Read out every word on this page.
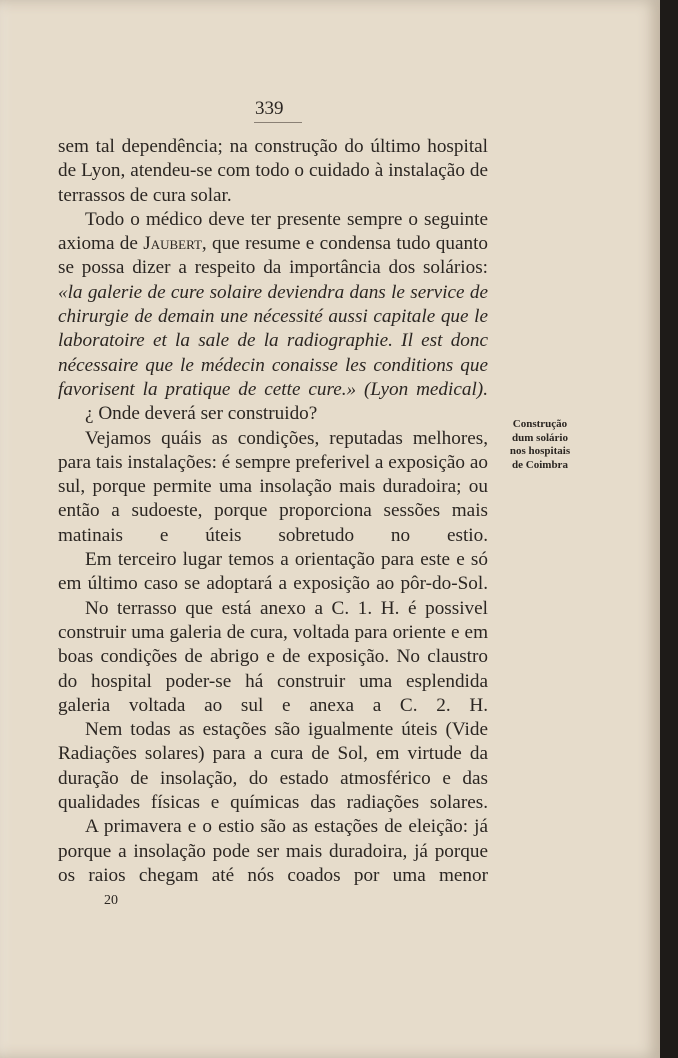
339

sem tal dependência; na construção do último hospital de Lyon, atendeu-se com todo o cuidado à instalação de terrassos de cura solar.

Todo o médico deve ter presente sempre o seguinte axioma de Jaubert, que resume e condensa tudo quanto se possa dizer a respeito da importância dos solários: «la galerie de cure solaire deviendra dans le service de chirurgie de demain une nécessité aussi capitale que le laboratoire et la sale de la radiographie. Il est donc nécessaire que le médecin conaisse les conditions que favorisent la pratique de cette cure.» (Lyon medical).

¿ Onde deverá ser construido?

Vejamos quáis as condições, reputadas melhores, para tais instalações: é sempre preferivel a exposição ao sul, porque permite uma insolação mais duradoira; ou então a sudoeste, porque proporciona sessões mais matinais e úteis sobretudo no estio.

Em terceiro lugar temos a orientação para este e só em último caso se adoptará a exposição ao pôr-do-Sol.

No terrasso que está anexo a C. 1. H. é possivel construir uma galeria de cura, voltada para oriente e em boas condições de abrigo e de exposição. No claustro do hospital poder-se há construir uma esplendida galeria voltada ao sul e anexa a C. 2. H.

Nem todas as estações são igualmente úteis (Vide Radiações solares) para a cura de Sol, em virtude da duração de insolação, do estado atmosférico e das qualidades físicas e químicas das radiações solares.

A primavera e o estio são as estações de eleição: já porque a insolação pode ser mais duradoira, já porque os raios chegam até nós coados por uma menor

Construção
dum solário
nos hospitais
de Coimbra
20
